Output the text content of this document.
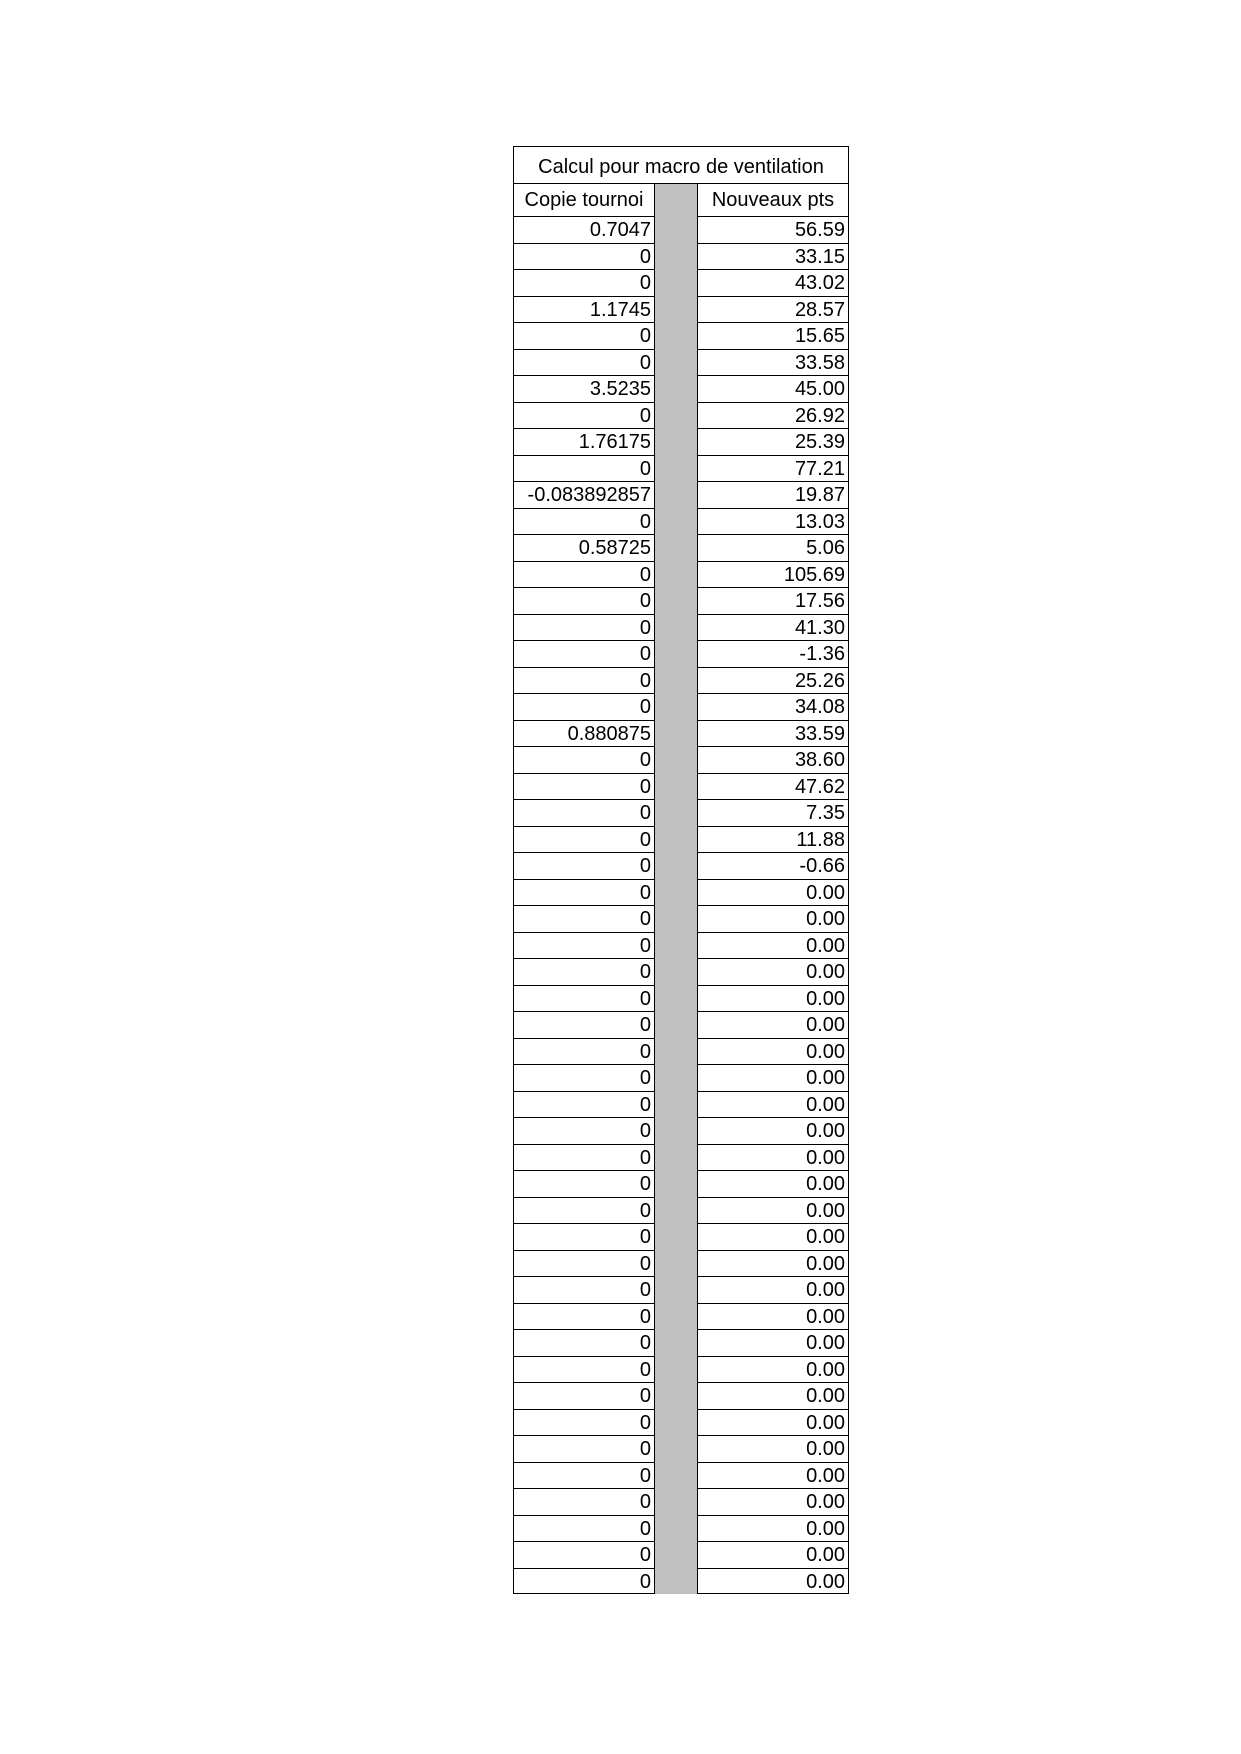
Calcul pour macro de ventilation
Copie tournoi	Nouveaux pts
0.7047	56.59
0	33.15
0	43.02
1.1745	28.57
0	15.65
0	33.58
3.5235	45.00
0	26.92
1.76175	25.39
0	77.21
-0.083892857	19.87
0	13.03
0.58725	5.06
0	105.69
0	17.56
0	41.30
0	-1.36
0	25.26
0	34.08
0.880875	33.59
0	38.60
0	47.62
0	7.35
0	11.88
0	-0.66
0	0.00
0	0.00
0	0.00
0	0.00
0	0.00
0	0.00
0	0.00
0	0.00
0	0.00
0	0.00
0	0.00
0	0.00
0	0.00
0	0.00
0	0.00
0	0.00
0	0.00
0	0.00
0	0.00
0	0.00
0	0.00
0	0.00
0	0.00
0	0.00
0	0.00
0	0.00
0	0.00
